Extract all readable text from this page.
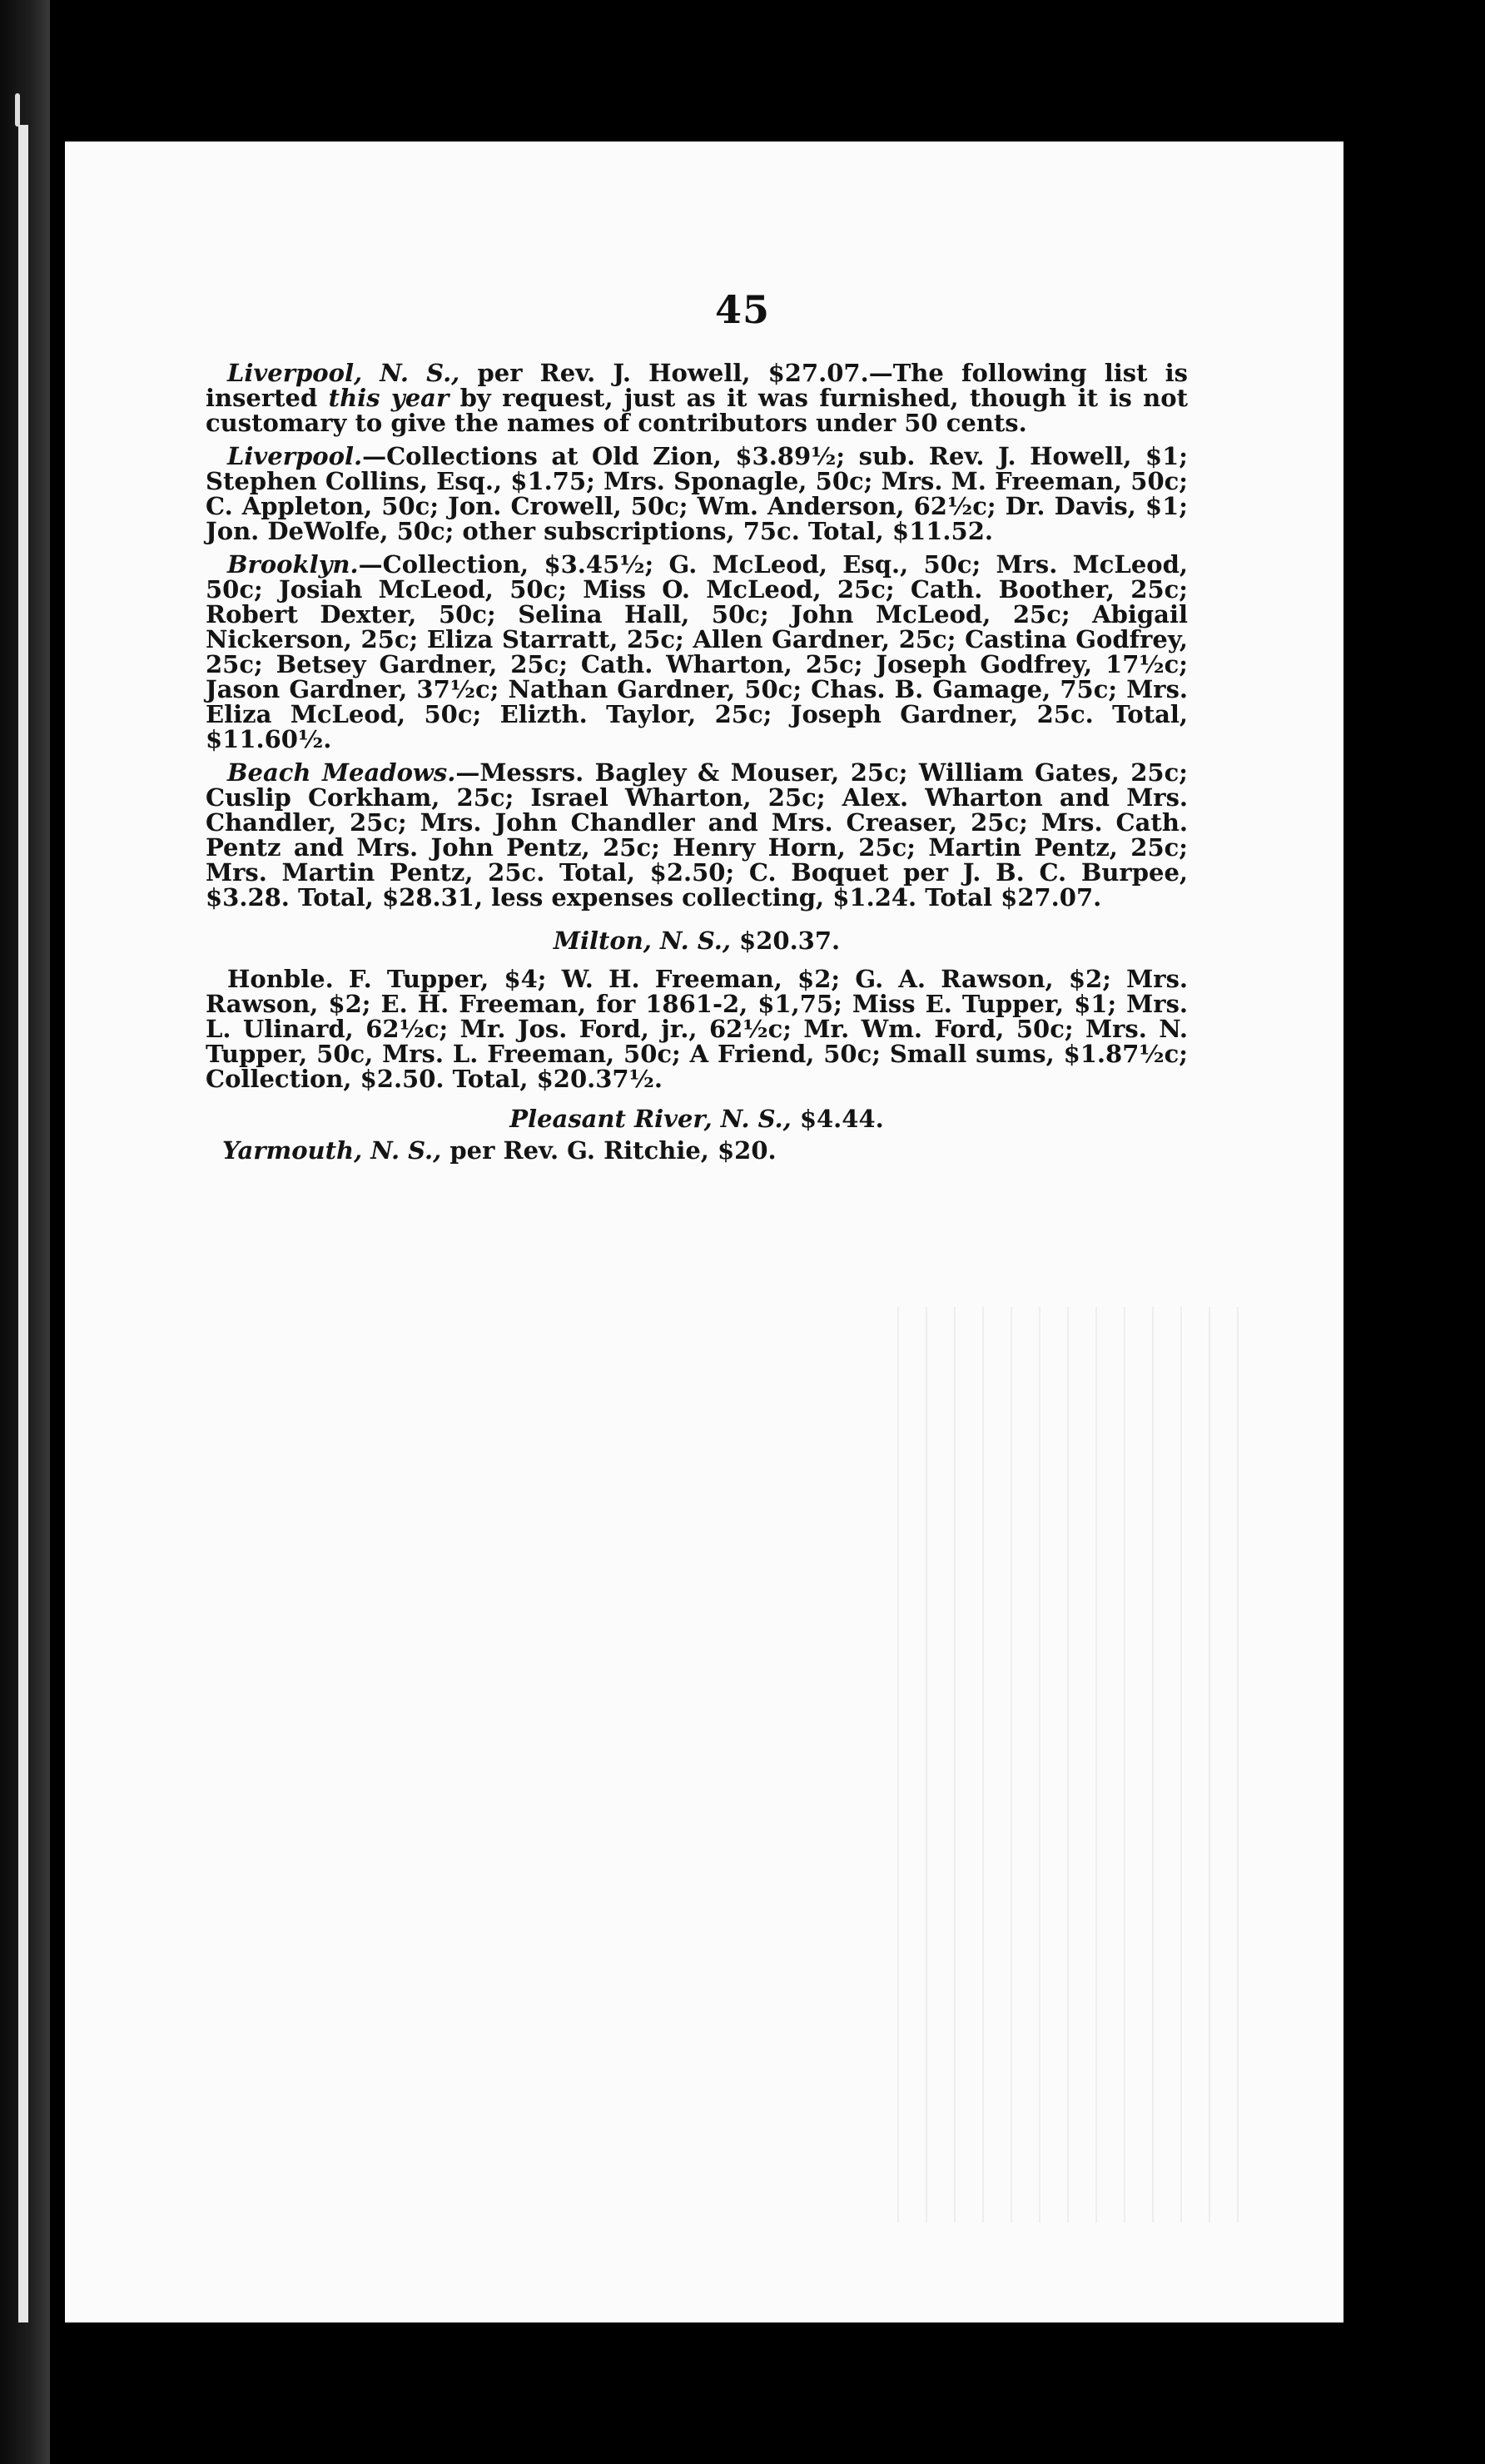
45

Liverpool, N. S., per Rev. J. Howell, $27.07.—The following list is inserted this year by request, just as it was furnished, though it is not customary to give the names of contributors under 50 cents.

Liverpool.—Collections at Old Zion, $3.89½; sub. Rev. J. Howell, $1; Stephen Collins, Esq., $1.75; Mrs. Sponagle, 50c; Mrs. M. Freeman, 50c; C. Appleton, 50c; Jon. Crowell, 50c; Wm. Anderson, 62½c; Dr. Davis, $1; Jon. DeWolfe, 50c; other subscriptions, 75c. Total, $11.52.

Brooklyn.—Collection, $3.45½; G. McLeod, Esq., 50c; Mrs. McLeod, 50c; Josiah McLeod, 50c; Miss O. McLeod, 25c; Cath. Boother, 25c; Robert Dexter, 50c; Selina Hall, 50c; John McLeod, 25c; Abigail Nickerson, 25c; Eliza Starratt, 25c; Allen Gardner, 25c; Castina Godfrey, 25c; Betsey Gardner, 25c; Cath. Wharton, 25c; Joseph Godfrey, 17½c; Jason Gardner, 37½c; Nathan Gardner, 50c; Chas. B. Gamage, 75c; Mrs. Eliza McLeod, 50c; Elizth. Taylor, 25c; Joseph Gardner, 25c. Total, $11.60½.

Beach Meadows.—Messrs. Bagley & Mouser, 25c; William Gates, 25c; Cuslip Corkham, 25c; Israel Wharton, 25c; Alex. Wharton and Mrs. Chandler, 25c; Mrs. John Chandler and Mrs. Creaser, 25c; Mrs. Cath. Pentz and Mrs. John Pentz, 25c; Henry Horn, 25c; Martin Pentz, 25c; Mrs. Martin Pentz, 25c. Total, $2.50; C. Boquet per J. B. C. Burpee, $3.28. Total, $28.31, less expenses collecting, $1.24. Total $27.07.

Milton, N. S., $20.37.

Honble. F. Tupper, $4; W. H. Freeman, $2; G. A. Rawson, $2; Mrs. Rawson, $2; E. H. Freeman, for 1861-2, $1,75; Miss E. Tupper, $1; Mrs. L. Ulinard, 62½c; Mr. Jos. Ford, jr., 62½c; Mr. Wm. Ford, 50c; Mrs. N. Tupper, 50c, Mrs. L. Freeman, 50c; A Friend, 50c; Small sums, $1.87½c; Collection, $2.50. Total, $20.37½.

Pleasant River, N. S., $4.44.

Yarmouth, N. S., per Rev. G. Ritchie, $20.
